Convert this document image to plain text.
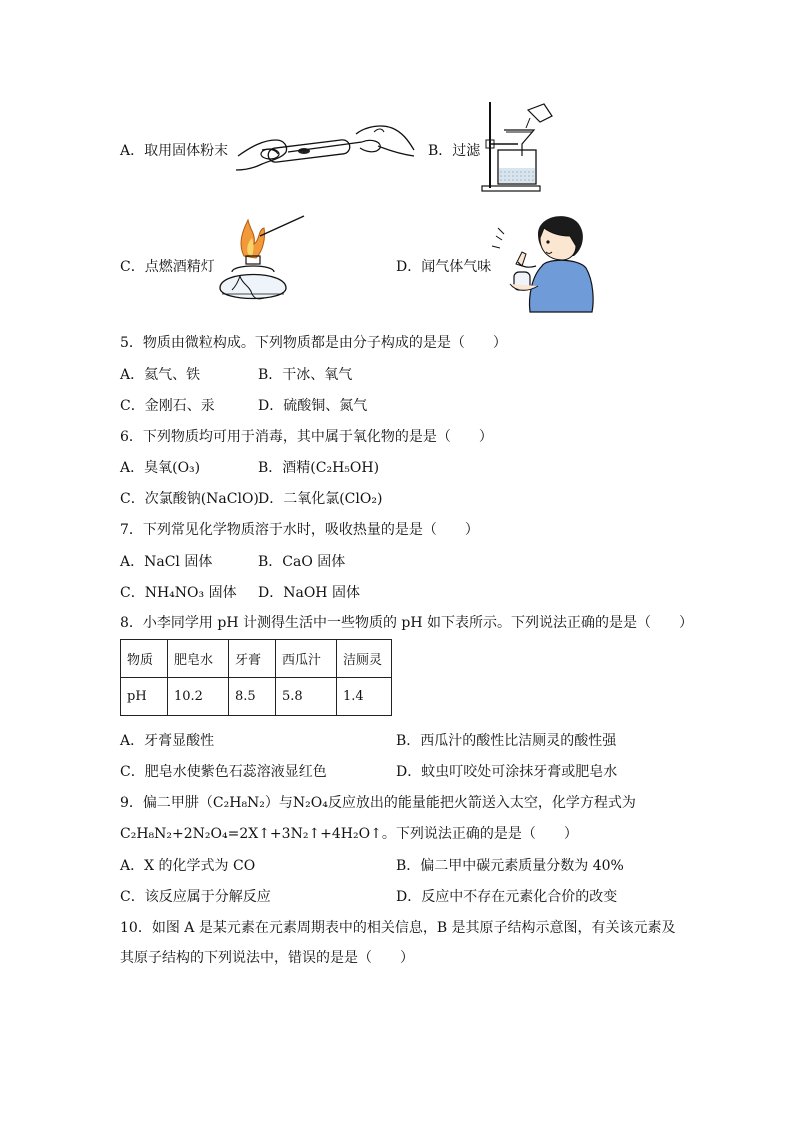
A．取用固体粉末	B．过滤
C．点燃酒精灯	D．闻气体气味
5．物质由微粒构成。下列物质都是由分子构成的是是（　　）
A．氦气、铁	B．干冰、氧气
C．金刚石、汞	D．硫酸铜、氮气
6．下列物质均可用于消毒，其中属于氧化物的是是（　　）
A．臭氧(O₃)	B．酒精(C₂H₅OH)
C．次氯酸钠(NaClO) D．二氧化氯(ClO₂)
7．下列常见化学物质溶于水时，吸收热量的是是（　　）
A．NaCl 固体	B．CaO 固体
C．NH₄NO₃ 固体 D．NaOH 固体
8．小李同学用 pH 计测得生活中一些物质的 pH 如下表所示。下列说法正确的是是（　　）
物质	肥皂水	牙膏	西瓜汁	洁厕灵
pH	10.2	8.5	5.8	1.4
A．牙膏显酸性	B．西瓜汁的酸性比洁厕灵的酸性强
C．肥皂水使紫色石蕊溶液显红色	D．蚊虫叮咬处可涂抹牙膏或肥皂水
9．偏二甲肼（C₂H₈N₂）与N₂O₄反应放出的能量能把火箭送入太空，化学方程式为
C₂H₈N₂+2N₂O₄=2X↑+3N₂↑+4H₂O↑。下列说法正确的是是（　　）
A．X 的化学式为 CO	B．偏二甲中碳元素质量分数为 40%
C．该反应属于分解反应	D．反应中不存在元素化合价的改变
10．如图 A 是某元素在元素周期表中的相关信息，B 是其原子结构示意图，有关该元素及
其原子结构的下列说法中，错误的是是（　　）
